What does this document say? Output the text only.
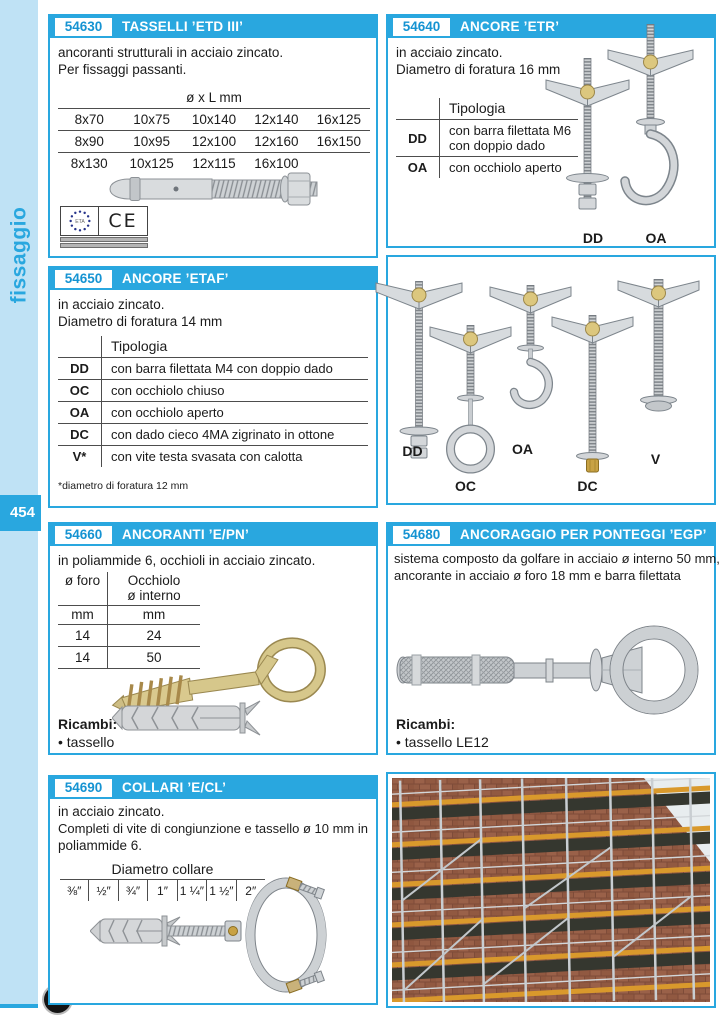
fissaggio
454
54630	TASSELLI ’ETD III’
ancoranti strutturali in acciaio zincato.
Per fissaggi passanti.
ø x L mm
8x70	10x75	10x140	12x140	16x125
8x90	10x95	12x100	12x160	16x150
8x130	10x125	12x115	16x100
ETA	CE
54640	ANCORE ’ETR’
in acciaio zincato.
Diametro di foratura 16 mm
Tipologia
DD	con barra filettata M6 con doppio dado
OA	con occhiolo aperto
DD	OA
54650	ANCORE ’ETAF’
in acciaio zincato.
Diametro di foratura 14 mm
Tipologia
DD	con barra filettata M4 con doppio dado
OC	con occhiolo chiuso
OA	con occhiolo aperto
DC	con dado cieco 4MA zigrinato in ottone
V*	con vite testa svasata con calotta
*diametro di foratura 12 mm
DD
OC
OA
DC
V
54660	ANCORANTI ’E/PN’
in poliammide 6, occhioli in acciaio zincato.
ø foro	Occhiolo
ø interno
mm	mm
14	24
14	50
Ricambi:
• tassello
54680	ANCORAGGIO PER PONTEGGI ’EGP’
sistema composto da golfare in acciaio ø interno 50 mm,
ancorante in acciaio ø foro 18 mm e barra filettata
Ricambi:
• tassello LE12
54690	COLLARI ’E/CL’
in acciaio zincato.
Completi di vite di congiunzione e tassello ø 10 mm in
poliammide 6.
Diametro collare
⅜″	½″	¾″	1″ 1 ¼″ 1 ½″ 2″
